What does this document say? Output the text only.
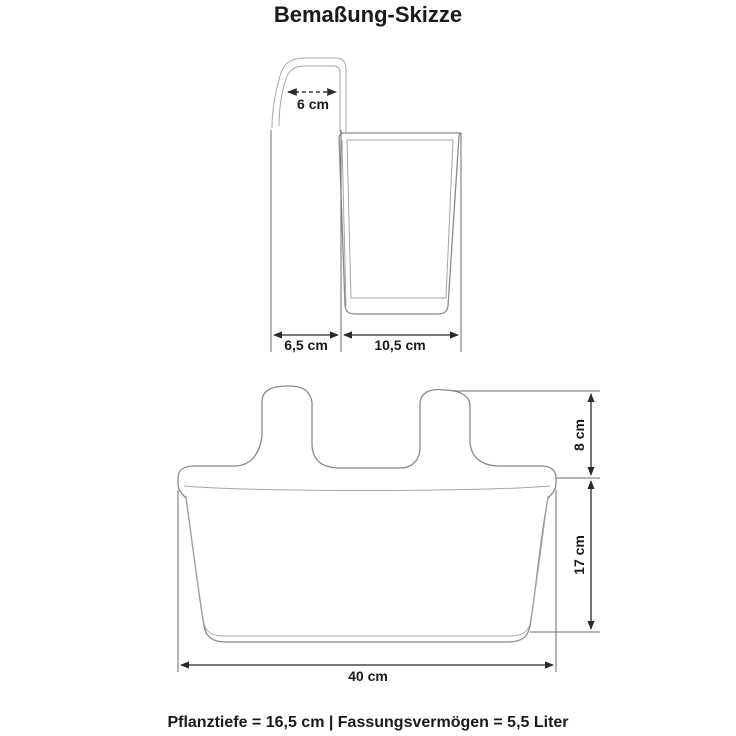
Bemaßung-Skizze
6 cm
6,5 cm	10,5 cm
8 cm
17 cm
40 cm
Pflanztiefe = 16,5 cm | Fassungsvermögen = 5,5 Liter
